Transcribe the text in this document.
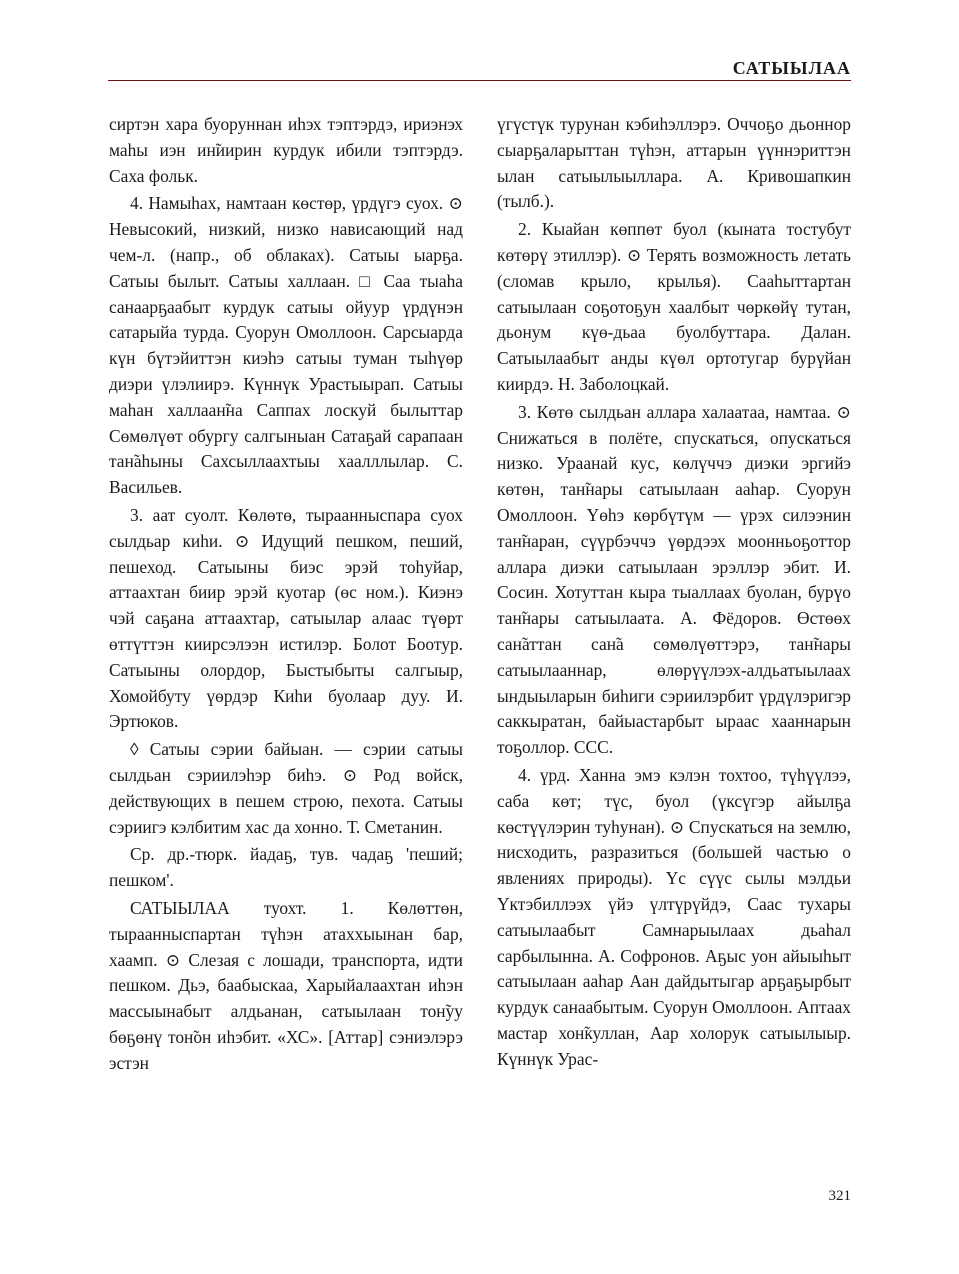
САТЫЫЛАА

сиртэн хара буоруннан иһэх тэптэрдэ, ириэнэх маһы иэн ин̃иирин курдук ибили тэптэрдэ. Саха фольк.

4. Намыһах, намтаан көстөр, үрдүгэ суох. ⊙ Невысокий, низкий, низко нависающий над чем-л. (напр., об облаках). Сатыы ыарҕа. Сатыы былыт. Сатыы халлаан. □ Саа тыаһа санаарҕаабыт курдук сатыы ойуур үрдүнэн сатарыйа турда. Суорун Омоллоон. Сарсыарда күн бүтэйиттэн киэһэ сатыы туман тыһүөр диэри үлэлиирэ. Күннүк Урастыырап. Сатыы маһан халлаан̃на Саппах лоскуй былыттар Сөмөлүөт обургу салгыныан Сатаҕай сарапаан тан̃аһыны Сахсыллаахтыы хаалллылар. С. Васильев.

3. аат суолт. Көлөтө, тыраанныспара суох сылдьар киһи. ⊙ Идущий пешком, пеший, пешеход. Сатыыны биэс эрэй тоһуйар, аттаахтан биир эрэй куотар (өс ном.). Киэнэ чэй саҕана аттаахтар, сатыылар алаас түөрт өттүттэн киирсэлээн истилэр. Болот Боотур. Сатыыны олордор, Быстыбыты салгыыр, Хомойбуту үөрдэр Киһи буолаар дуу. И. Эртюков.

◊ Сатыы сэрии байыан. — сэрии сатыы сылдьан сэриилэһэр биһэ. ⊙ Род войск, действующих в пешем строю, пехота. Сатыы сэриигэ кэлбитим хас да хонно. Т. Сметанин.

Ср. др.-тюрк. йадаҕ, тув. чадаҕ 'пеший; пешком'.

САТЫЫЛАА туохт. 1. Көлөттөн, тыраанныспартан түһэн атаххыынан бар, хаамп. ⊙ Слезая с лошади, транспорта, идти пешком. Дьэ, баабыскаа, Харыйалаахтан иһэн массыынабыт алдьанан, сатыылаан тон̃уу бөҕөнү тон̃он иһэбит. «ХС». [Аттар] сэниэлэрэ эстэн

үгүстүк турунан кэбиһэллэрэ. Оччоҕо дьоннор сыарҕаларыттан түһэн, аттарын үүннэриттэн ылан сатыылыыллара. А. Кривошапкин (тылб.).

2. Кыайан көппөт буол (кыната тостубут көтөрү этиллэр). ⊙ Терять возможность летать (сломав крыло, крылья). Сааһыттартан сатыылаан соҕотоҕун хаалбыт чөркөйү тутан, дьонум күө-дьаа буолбуттара. Далан. Сатыылаабыт анды күөл ортотугар бурүйан киирдэ. Н. Заболоцкай.

3. Көтө сылдьан аллара халаатаа, намтаа. ⊙ Снижаться в полёте, спускаться, опускаться низко. Ураанай кус, көлүччэ диэки эргийэ көтөн, тан̃нары сатыылаан ааһар. Суорун Омоллоон. Үөһэ көрбүтүм — үрэх силээнин тан̃наран, сүүрбэччэ үөрдээх моонньоҕоттор аллара диэки сатыылаан эрэллэр эбит. И. Сосин. Хотуттан кыра тыаллаах буолан, бурүо тан̃нары сатыылаата. А. Фёдоров. Өстөөх сан̃аттан сан̃а сөмөлүөттэрэ, тан̃нары сатыылааннар, өлөрүүлээх-алдьатыылаах ындыыларын биһиги сэриилэрбит үрдүлэригэр саккыратан, байыастарбыт ыраас хааннарын тоҕоллор. ССС.

4. үрд. Ханна эмэ кэлэн тохтоо, түһүүлээ, саба көт; түс, буол (үксүгэр айылҕа көстүүлэрин туһунан). ⊙ Спускаться на землю, нисходить, разразиться (большей частью о явлениях природы). Үс сүүс сылы мэлдьи Үктэбиллээх үйэ үлтүрүйдэ, Саас тухары сатыылаабыт Самнарыылаах дьаһал сарбылынна. А. Софронов. Аҕыс уон айыыһыт сатыылаан ааһар Аан дайдытыгар арҕаҕырбыт курдук санаабытым. Суорун Омоллоон. Аптаах мастар хон̃куллан, Аар холорук сатыылыыр. Күннүк Урас-

321
